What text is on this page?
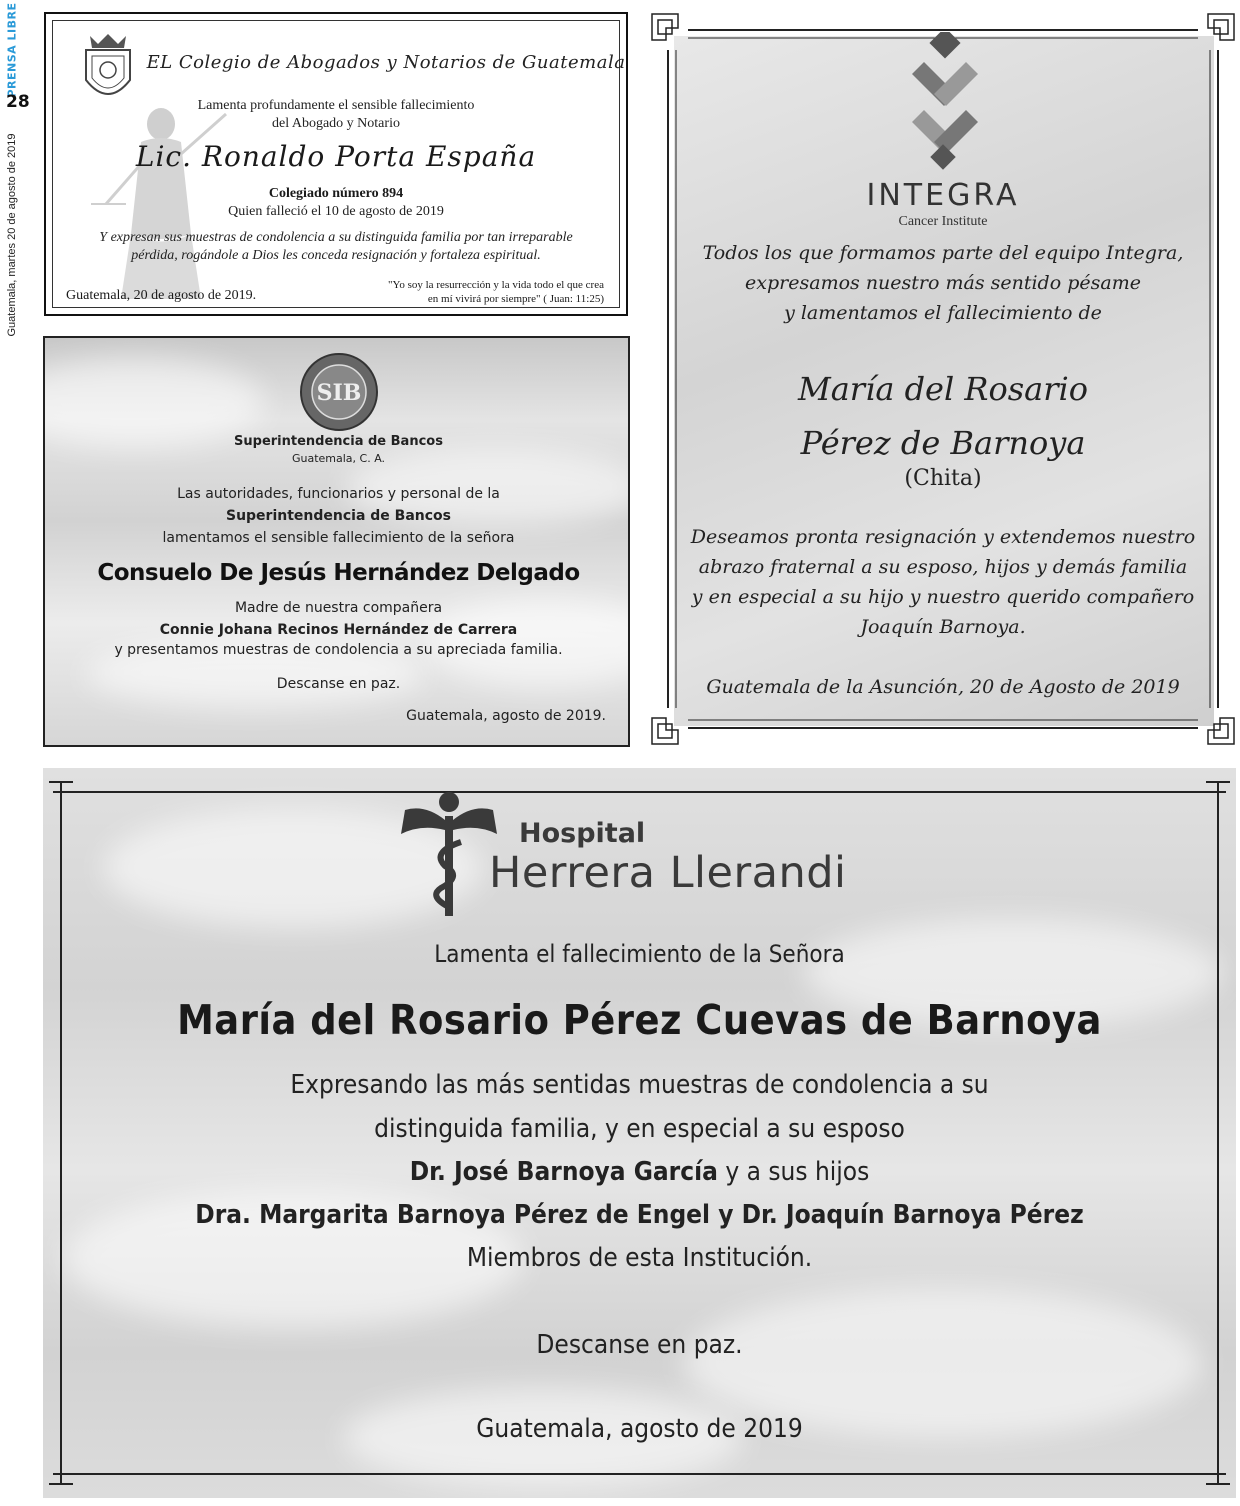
PRENSA LIBRE
28
Guatemala, martes 20 de agosto de 2019
EL Colegio de Abogados y Notarios de Guatemala
Lamenta profundamente el sensible fallecimiento
del Abogado y Notario
Lic. Ronaldo Porta España
Colegiado número 894
Quien falleció el 10 de agosto de 2019
Y expresan sus muestras de condolencia a su distinguida familia por tan irreparable
pérdida, rogándole a Dios les conceda resignación y fortaleza espiritual.
Guatemala, 20 de agosto de 2019.
"Yo soy la resurrección y la vida todo el que crea
en mí vivirá por siempre" ( Juan: 11:25)
SIB
Superintendencia de Bancos
Guatemala, C. A.
Las autoridades, funcionarios y personal de la
Superintendencia de Bancos
lamentamos el sensible fallecimiento de la señora
Consuelo De Jesús Hernández Delgado
Madre de nuestra compañera
Connie Johana Recinos Hernández de Carrera
y presentamos muestras de condolencia a su apreciada familia.
Descanse en paz.
Guatemala, agosto de 2019.
INTEGRA
Cancer Institute
Todos los que formamos parte del equipo Integra,
expresamos nuestro más sentido pésame
y lamentamos el fallecimiento de
María del Rosario
Pérez de Barnoya
(Chita)
Deseamos pronta resignación y extendemos nuestro
abrazo fraternal a su esposo, hijos y demás familia
y en especial a su hijo y nuestro querido compañero
Joaquín Barnoya.
Guatemala de la Asunción, 20 de Agosto de 2019
Hospital
Herrera Llerandi
Lamenta el fallecimiento de la Señora
María del Rosario Pérez Cuevas de Barnoya
Expresando las más sentidas muestras de condolencia a su
distinguida familia, y en especial a su esposo
Dr. José Barnoya García y a sus hijos
Dra. Margarita Barnoya Pérez de Engel y Dr. Joaquín Barnoya Pérez
Miembros de esta Institución.
Descanse en paz.
Guatemala, agosto de 2019
